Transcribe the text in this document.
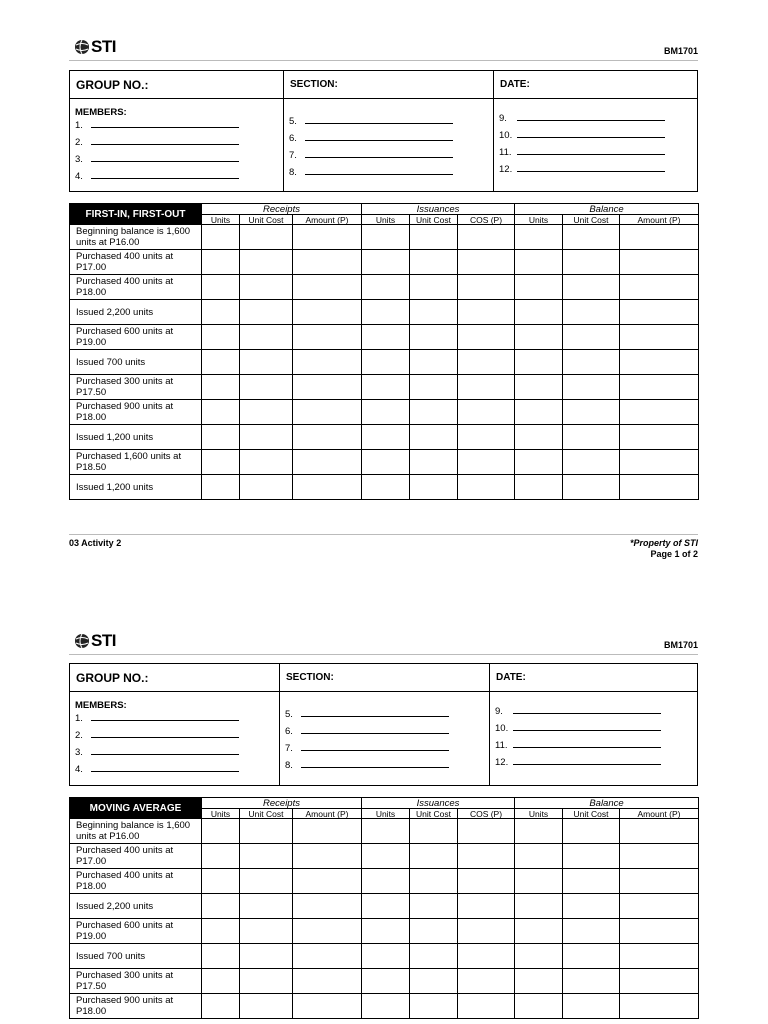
STI	BM1701
GROUP NO.:	SECTION:	DATE:
MEMBERS:
1.
2.
3.
4.
5.
6.
7.
8.
9.
10.
11.
12.
FIRST-IN, FIRST-OUT	Receipts			Issuances			Balance		
	Units	Unit Cost	Amount (P)	Units	Unit Cost	COS (P)	Units	Unit Cost	Amount (P)
Beginning balance is 1,600 units at P16.00									
Purchased 400 units at P17.00									
Purchased 400 units at P18.00									
Issued 2,200 units									
Purchased 600 units at P19.00									
Issued 700 units									
Purchased 300 units at P17.50									
Purchased 900 units at P18.00									
Issued 1,200 units									
Purchased 1,600 units at P18.50									
Issued 1,200 units									
03 Activity 2	*Property of STI
Page 1 of 2
STI	BM1701
GROUP NO.:	SECTION:	DATE:
MEMBERS:
1.
2.
3.
4.
5.
6.
7.
8.
9.
10.
11.
12.
MOVING AVERAGE	Receipts			Issuances			Balance		
	Units	Unit Cost	Amount (P)	Units	Unit Cost	COS (P)	Units	Unit Cost	Amount (P)
Beginning balance is 1,600 units at P16.00									
Purchased 400 units at P17.00									
Purchased 400 units at P18.00									
Issued 2,200 units									
Purchased 600 units at P19.00									
Issued 700 units									
Purchased 300 units at P17.50									
Purchased 900 units at P18.00									
